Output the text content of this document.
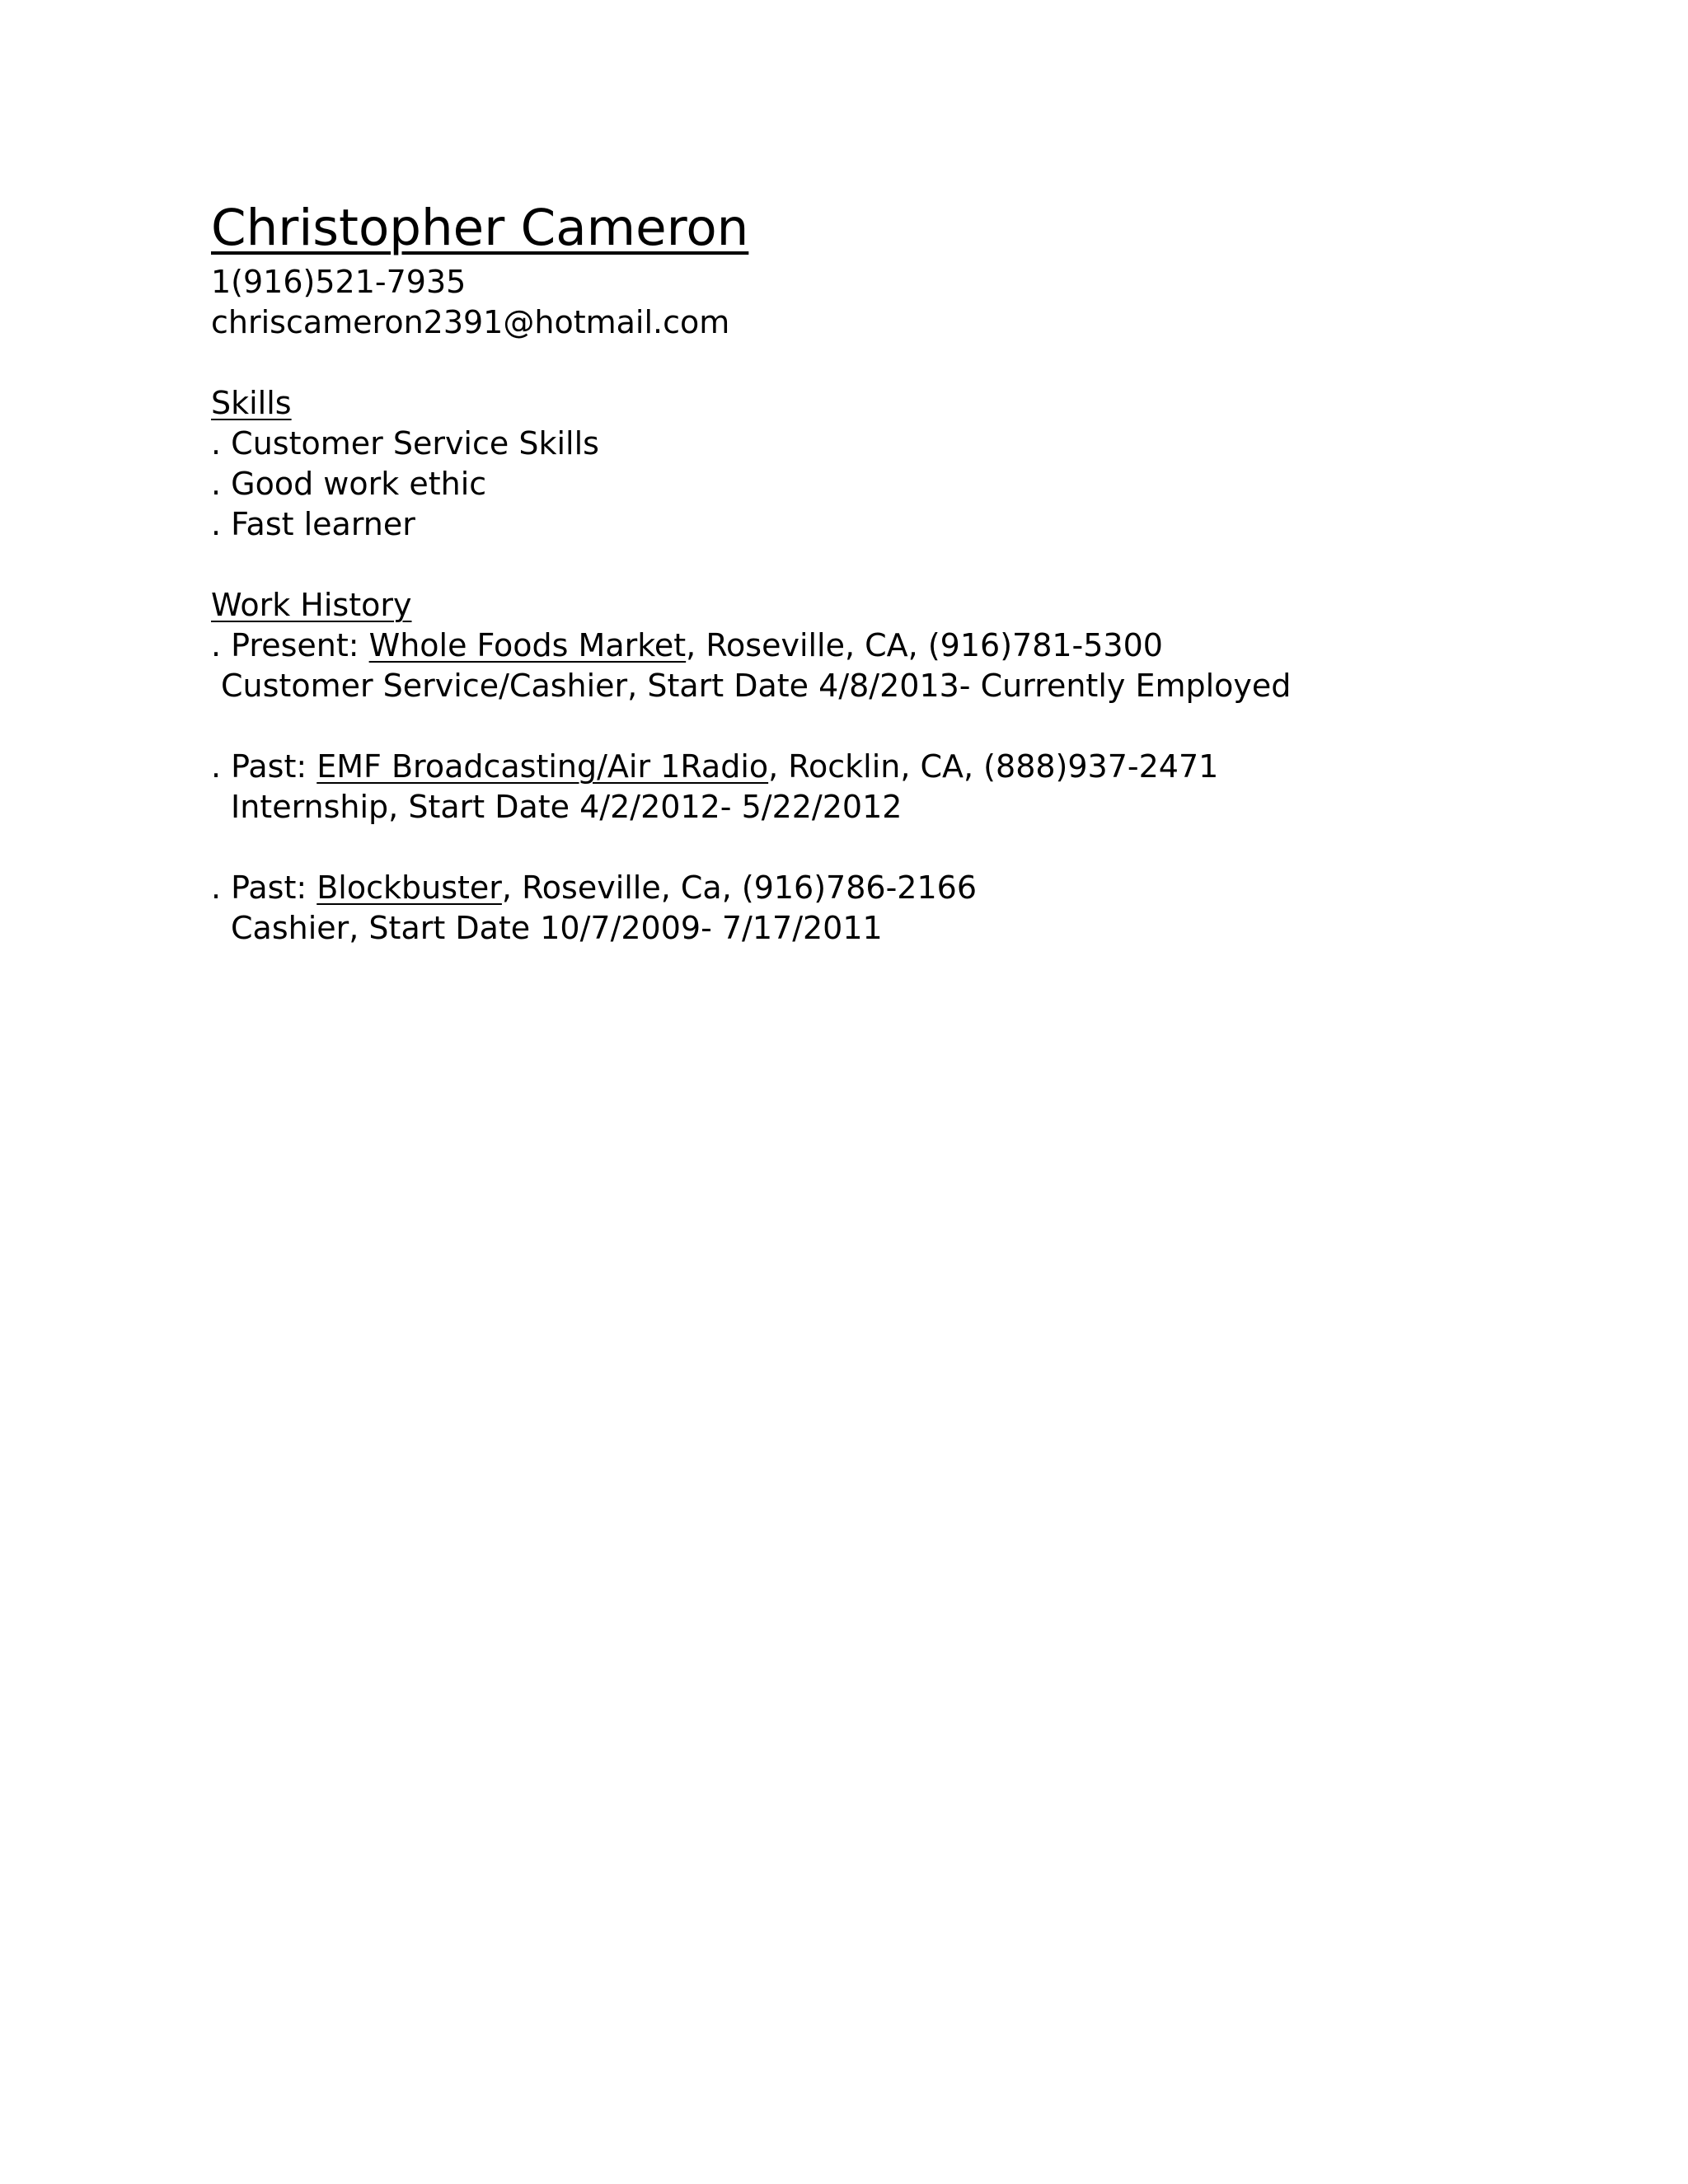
Christopher Cameron
1(916)521-7935
chriscameron2391@hotmail.com
Skills
. Customer Service Skills
. Good work ethic
. Fast learner
Work History
. Present: Whole Foods Market, Roseville, CA, (916)781-5300
Customer Service/Cashier, Start Date 4/8/2013- Currently Employed
. Past: EMF Broadcasting/Air 1Radio, Rocklin, CA, (888)937-2471
Internship, Start Date 4/2/2012- 5/22/2012
. Past: Blockbuster, Roseville, Ca, (916)786-2166
Cashier, Start Date 10/7/2009- 7/17/2011
